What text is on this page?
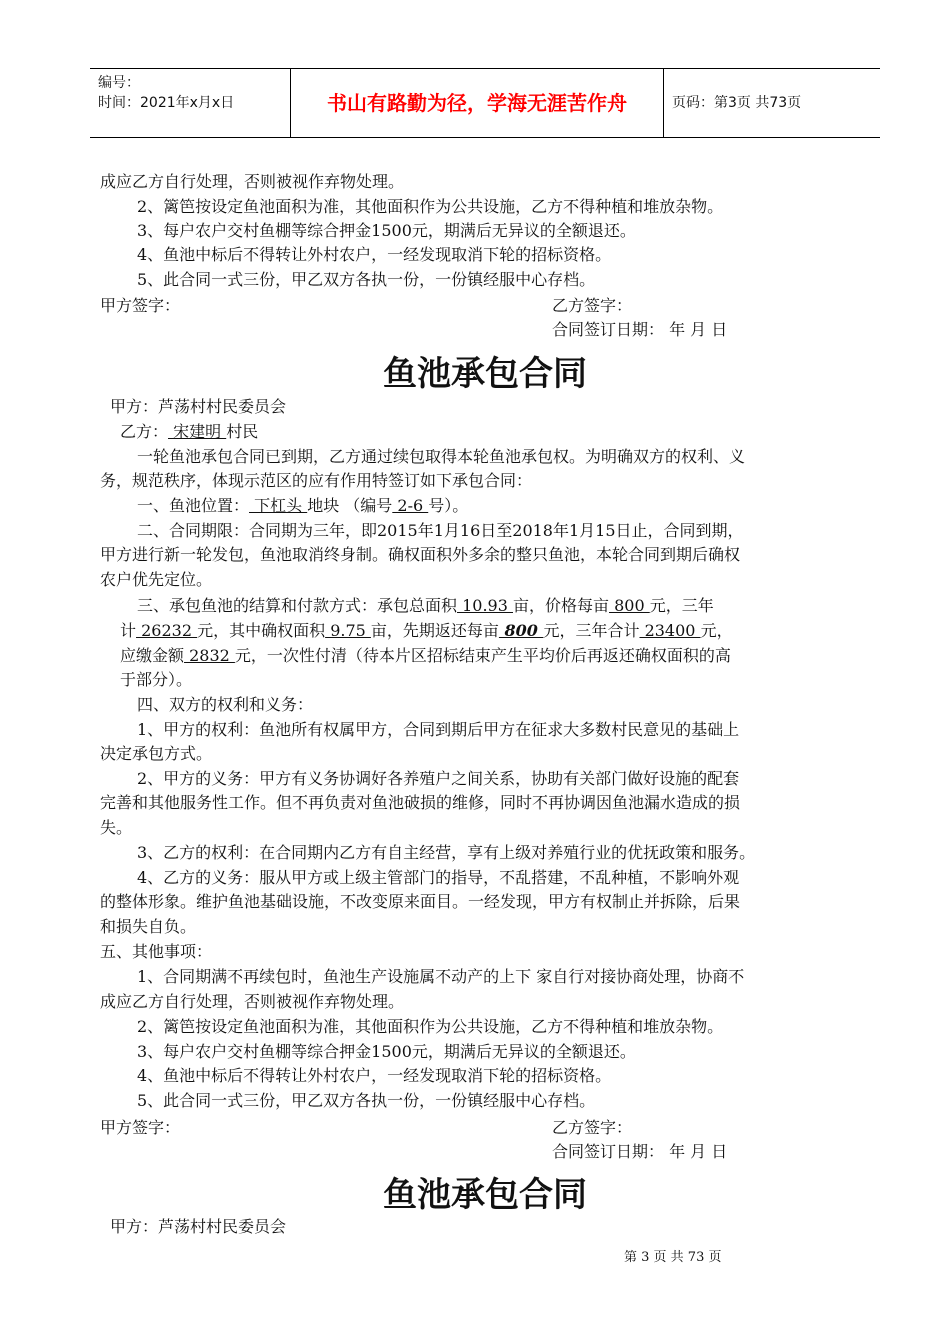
编号：
时间：2021年x月x日	书山有路勤为径，学海无涯苦作舟	页码：第3页 共73页
成应乙方自行处理，否则被视作弃物处理。
2、篱笆按设定鱼池面积为准，其他面积作为公共设施，乙方不得种植和堆放杂物。
3、每户农户交村鱼棚等综合押金1500元，期满后无异议的全额退还。
4、鱼池中标后不得转让外村农户，一经发现取消下轮的招标资格。
5、此合同一式三份，甲乙双方各执一份，一份镇经服中心存档。
甲方签字：	乙方签字：
合同签订日期： 年 月 日
鱼池承包合同
甲方：芦荡村村民委员会
乙方： 宋建明 村民
一轮鱼池承包合同已到期，乙方通过续包取得本轮鱼池承包权。为明确双方的权利、义
务，规范秩序，体现示范区的应有作用特签订如下承包合同：
一、鱼池位置： 下杠头 地块 （编号 2-6 号）。
二、合同期限：合同期为三年，即2015年1月16日至2018年1月15日止，合同到期，
甲方进行新一轮发包，鱼池取消终身制。确权面积外多余的整只鱼池，本轮合同到期后确权
农户优先定位。
三、承包鱼池的结算和付款方式：承包总面积 10.93 亩，价格每亩 800 元，三年
计 26232 元，其中确权面积 9.75 亩，先期返还每亩 800 元，三年合计 23400 元，
应缴金额 2832 元，一次性付清（待本片区招标结束产生平均价后再返还确权面积的高
于部分）。
四、双方的权利和义务：
1、甲方的权利：鱼池所有权属甲方，合同到期后甲方在征求大多数村民意见的基础上
决定承包方式。
2、甲方的义务：甲方有义务协调好各养殖户之间关系，协助有关部门做好设施的配套
完善和其他服务性工作。但不再负责对鱼池破损的维修，同时不再协调因鱼池漏水造成的损
失。
3、乙方的权利：在合同期内乙方有自主经营，享有上级对养殖行业的优抚政策和服务。
4、乙方的义务：服从甲方或上级主管部门的指导，不乱搭建，不乱种植，不影响外观
的整体形象。维护鱼池基础设施，不改变原来面目。一经发现，甲方有权制止并拆除，后果
和损失自负。
五、其他事项：
1、合同期满不再续包时，鱼池生产设施属不动产的上下 家自行对接协商处理，协商不
成应乙方自行处理，否则被视作弃物处理。
2、篱笆按设定鱼池面积为准，其他面积作为公共设施，乙方不得种植和堆放杂物。
3、每户农户交村鱼棚等综合押金1500元，期满后无异议的全额退还。
4、鱼池中标后不得转让外村农户，一经发现取消下轮的招标资格。
5、此合同一式三份，甲乙双方各执一份，一份镇经服中心存档。
甲方签字：	乙方签字：
合同签订日期： 年 月 日
鱼池承包合同
甲方：芦荡村村民委员会
第 3 页 共 73 页
